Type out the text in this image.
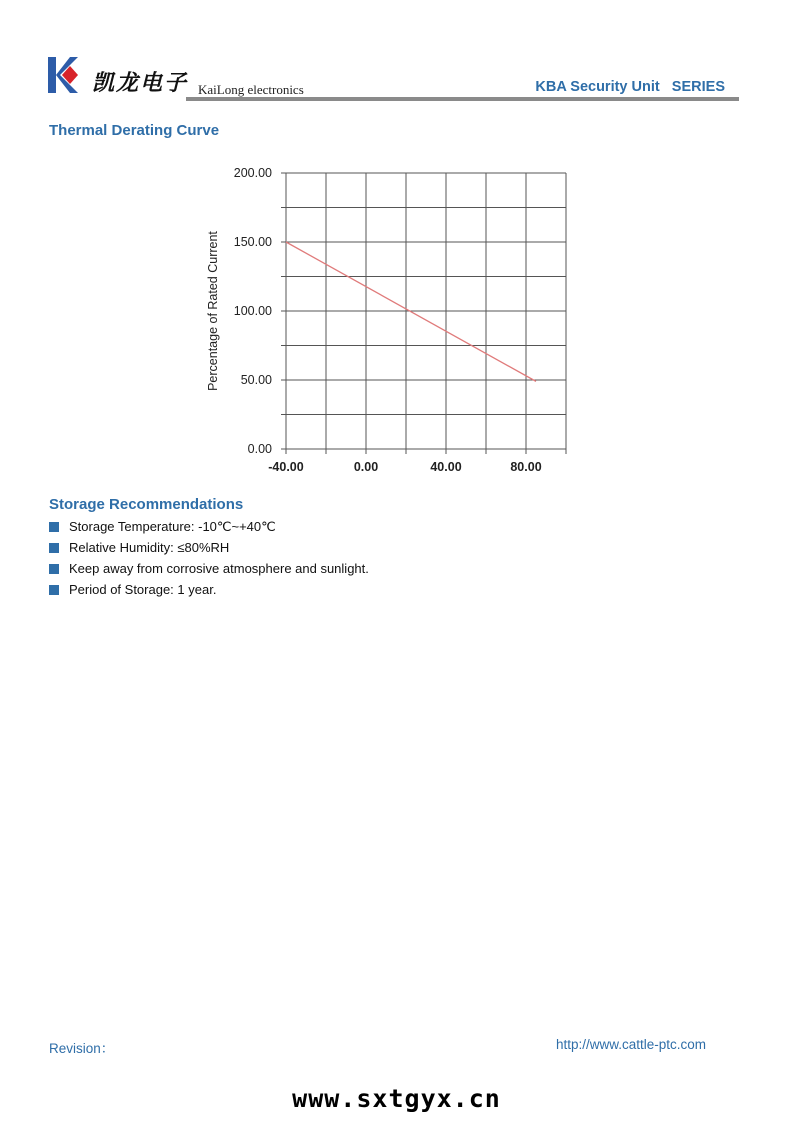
凯龙电子 KaiLong electronics	KBA Security Unit   SERIES
Thermal Derating Curve
0.00
50.00
100.00
150.00
200.00
-40.00	0.00	40.00	80.00
Percentage of Rated Current
Storage Recommendations
Storage Temperature: -10℃~+40℃
Relative Humidity: ≤80%RH
Keep away from corrosive atmosphere and sunlight.
Period of Storage: 1 year.
Revision：	http://www.cattle-ptc.com
www.sxtgyx.cn
